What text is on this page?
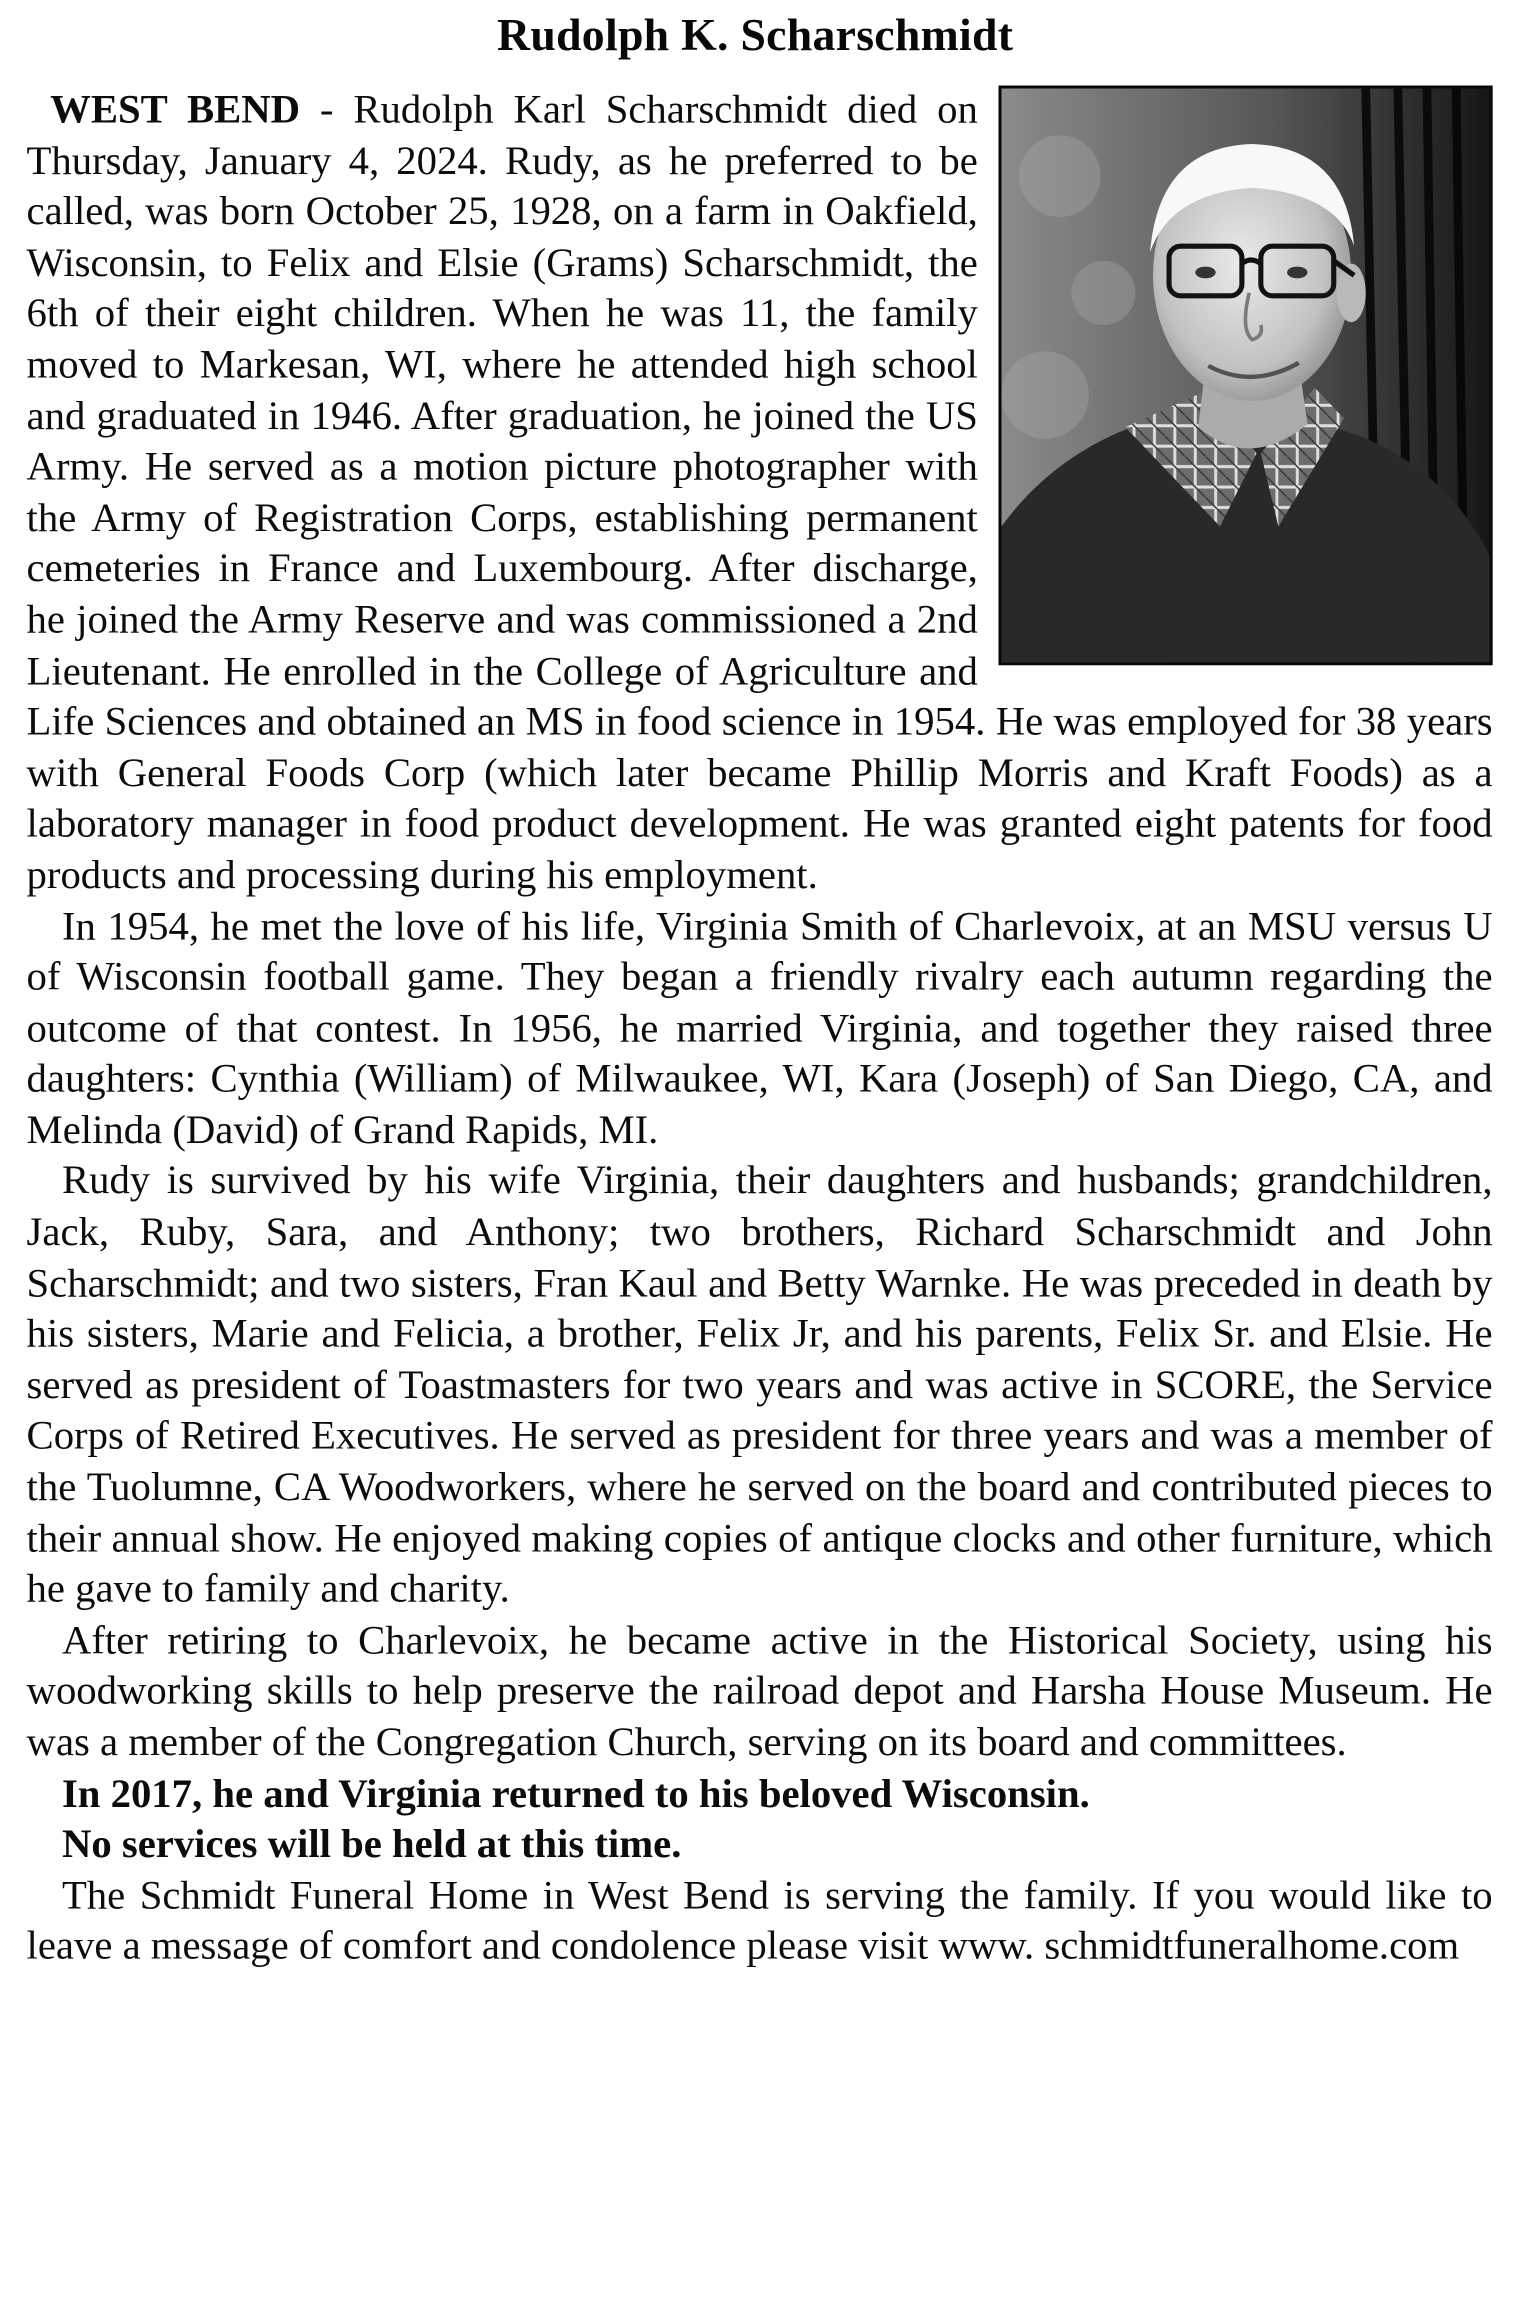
Rudolph K. Scharschmidt

WEST BEND - Rudolph Karl Scharschmidt died on Thursday, January 4, 2024. Rudy, as he preferred to be called, was born October 25, 1928, on a farm in Oakfield, Wisconsin, to Felix and Elsie (Grams) Scharschmidt, the 6th of their eight children. When he was 11, the family moved to Markesan, WI, where he attended high school and graduated in 1946. After graduation, he joined the US Army. He served as a motion picture photographer with the Army of Registration Corps, establishing permanent cemeteries in France and Luxembourg. After discharge, he joined the Army Reserve and was commissioned a 2nd Lieutenant. He enrolled in the College of Agriculture and Life Sciences and obtained an MS in food science in 1954. He was employed for 38 years with General Foods Corp (which later became Phillip Morris and Kraft Foods) as a laboratory manager in food product development. He was granted eight patents for food products and processing during his employment.

In 1954, he met the love of his life, Virginia Smith of Charlevoix, at an MSU versus U of Wisconsin football game. They began a friendly rivalry each autumn regarding the outcome of that contest. In 1956, he married Virginia, and together they raised three daughters: Cynthia (William) of Milwaukee, WI, Kara (Joseph) of San Diego, CA, and Melinda (David) of Grand Rapids, MI.

Rudy is survived by his wife Virginia, their daughters and husbands; grandchildren, Jack, Ruby, Sara, and Anthony; two brothers, Richard Scharschmidt and John Scharschmidt; and two sisters, Fran Kaul and Betty Warnke. He was preceded in death by his sisters, Marie and Felicia, a brother, Felix Jr, and his parents, Felix Sr. and Elsie. He served as president of Toastmasters for two years and was active in SCORE, the Service Corps of Retired Executives. He served as president for three years and was a member of the Tuolumne, CA Woodworkers, where he served on the board and contributed pieces to their annual show. He enjoyed making copies of antique clocks and other furniture, which he gave to family and charity.

After retiring to Charlevoix, he became active in the Historical Society, using his woodworking skills to help preserve the railroad depot and Harsha House Museum. He was a member of the Congregation Church, serving on its board and committees.

In 2017, he and Virginia returned to his beloved Wisconsin.

No services will be held at this time.

The Schmidt Funeral Home in West Bend is serving the family. If you would like to leave a message of comfort and condolence please visit www. schmidtfuneralhome.com
